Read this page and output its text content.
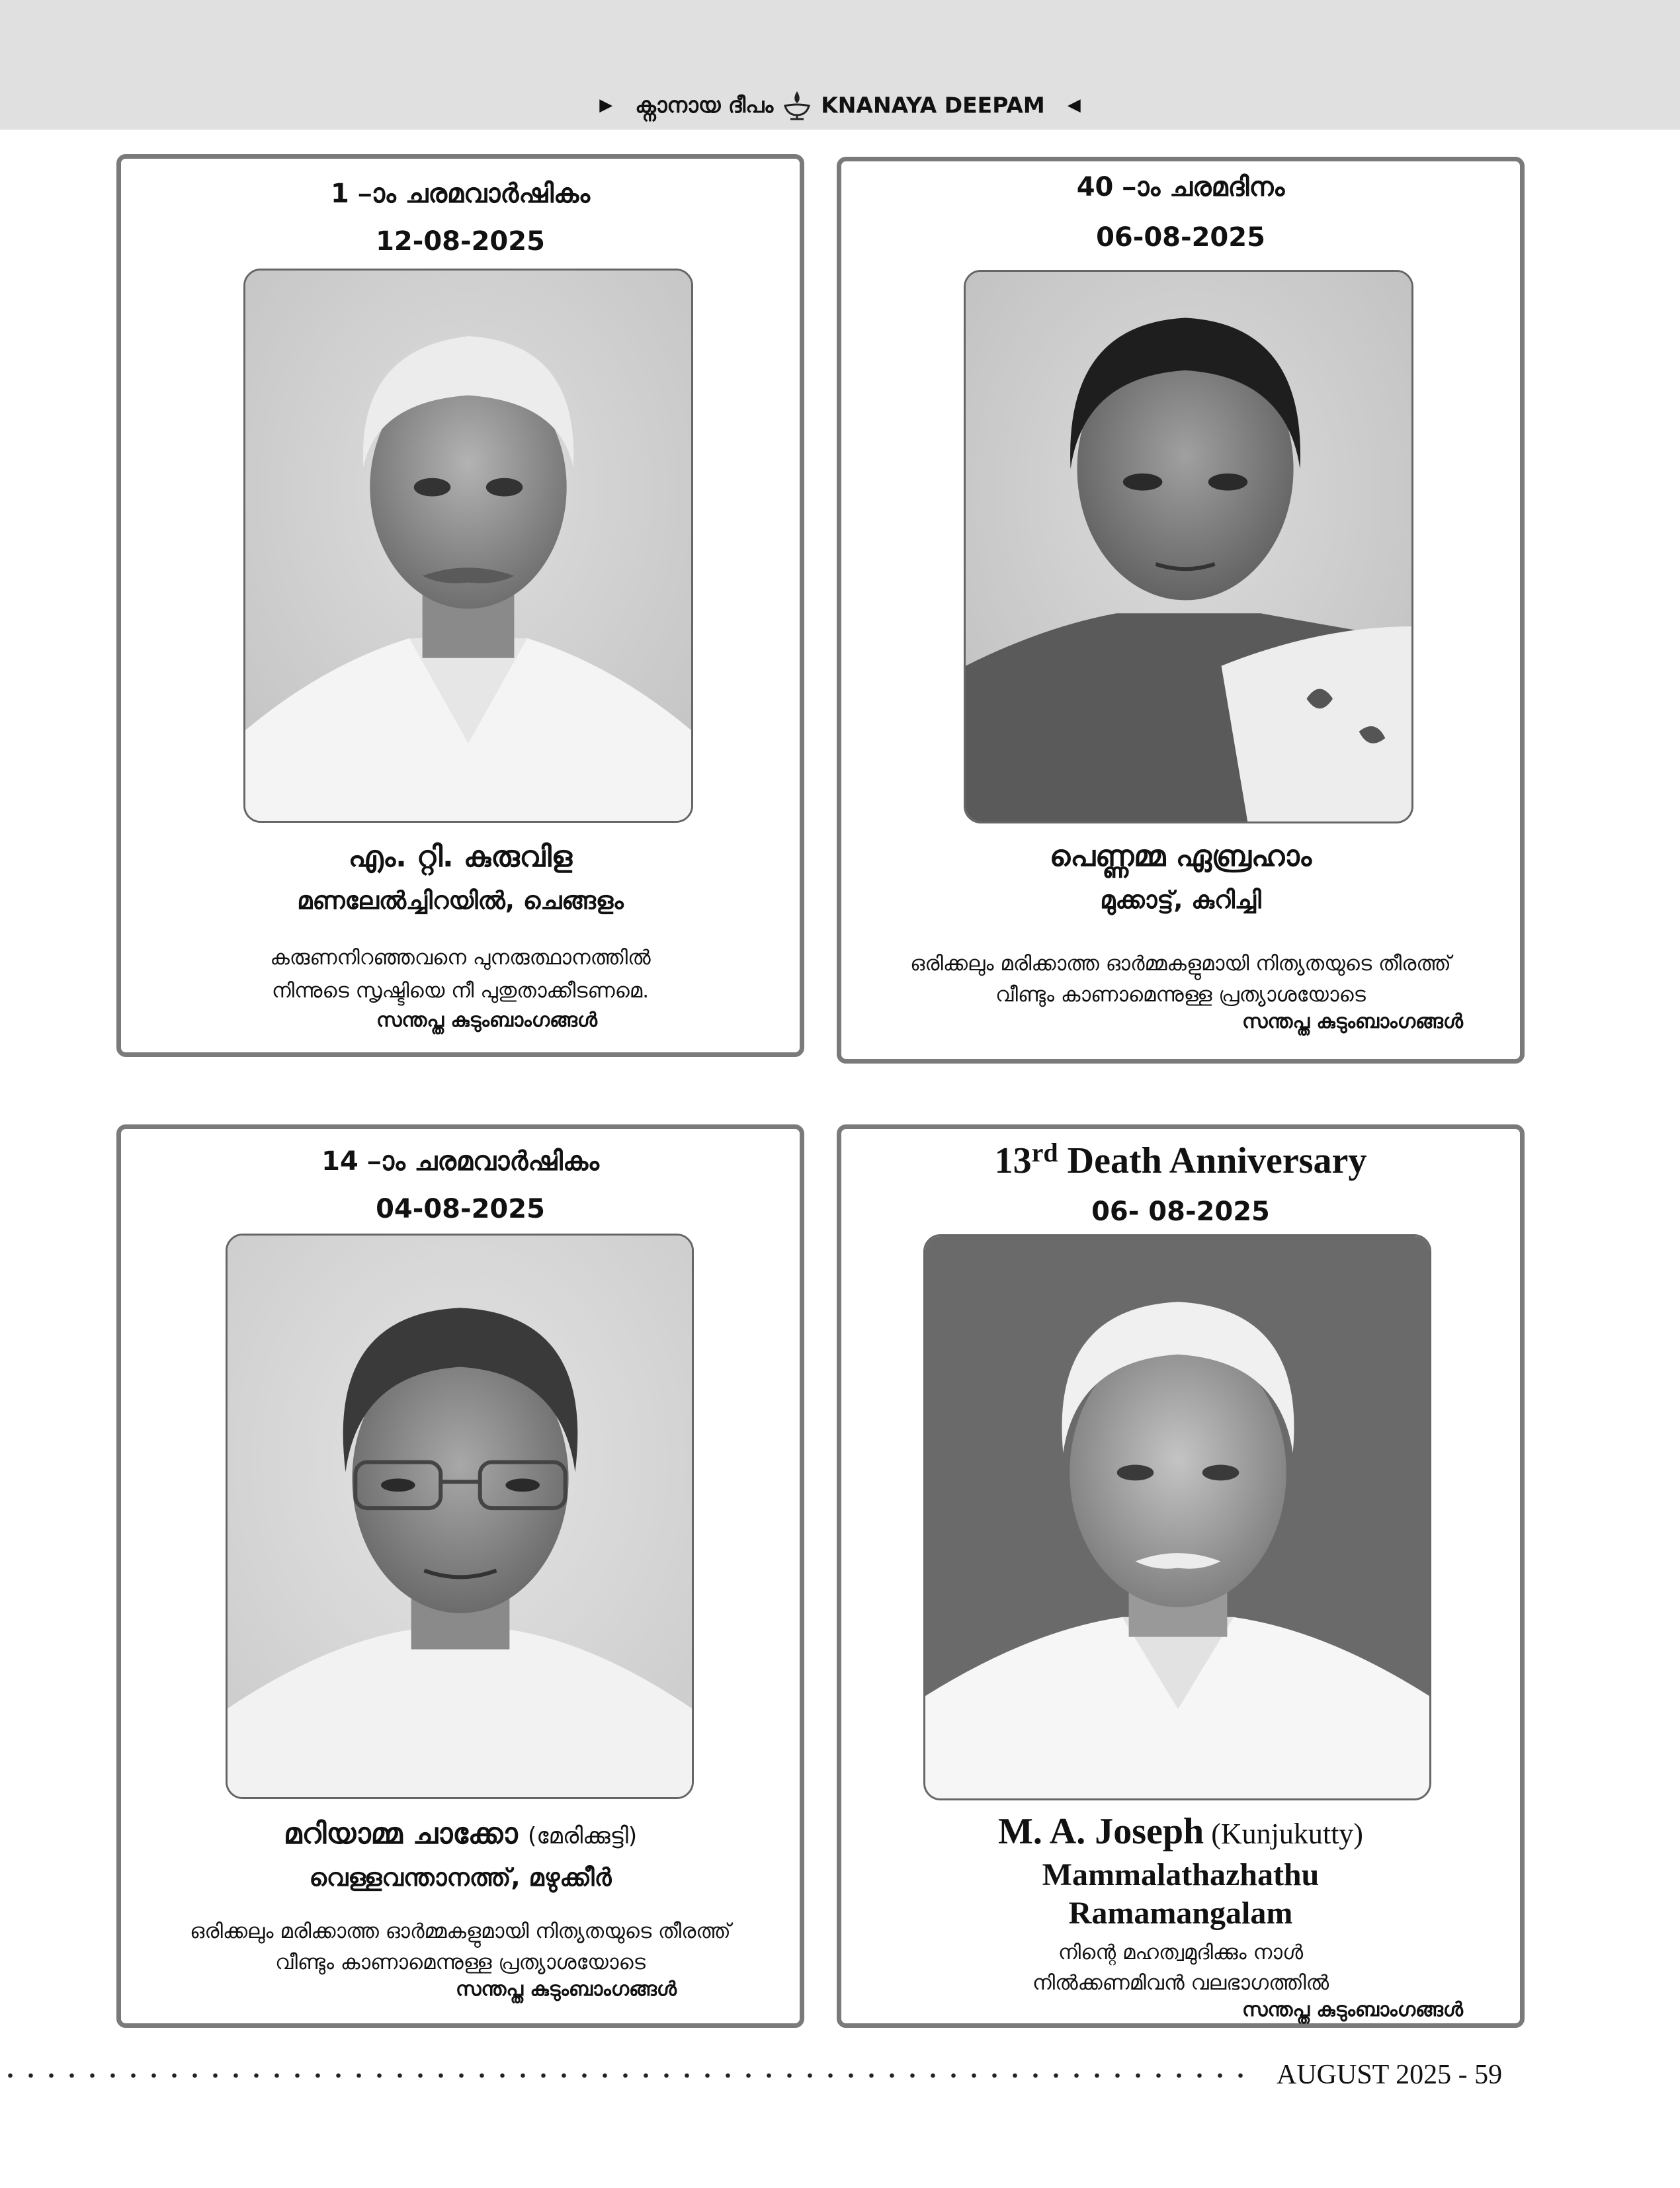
▶ ക്നാനായ ദീപം KNANAYA DEEPAM ◀
1 –ാം ചരമവാർഷികം
12-08-2025
എം. റ്റി. കുരുവിള
മണലേൽച്ചിറയിൽ, ചെങ്ങളം
കരുണനിറഞ്ഞവനെ പുനരുത്ഥാനത്തിൽ
നിന്നുടെ സൃഷ്ടിയെ നീ പുതുതാക്കീടണമെ.
സന്തപ്ത കുടുംബാംഗങ്ങൾ
40 –ാം ചരമദിനം
06-08-2025
പെണ്ണമ്മ ഏബ്രഹാം
മുക്കാട്ട്, കുറിച്ചി
ഒരിക്കലും മരിക്കാത്ത ഓർമ്മകളുമായി നിത്യതയുടെ തീരത്ത്
വീണ്ടും കാണാമെന്നുള്ള പ്രത്യാശയോടെ
സന്തപ്ത കുടുംബാംഗങ്ങൾ
14 –ാം ചരമവാർഷികം
04-08-2025
മറിയാമ്മ ചാക്കോ (മേരിക്കുട്ടി)
വെള്ളവന്താനത്ത്, മഴുക്കീർ
ഒരിക്കലും മരിക്കാത്ത ഓർമ്മകളുമായി നിത്യതയുടെ തീരത്ത്
വീണ്ടും കാണാമെന്നുള്ള പ്രത്യാശയോടെ
സന്തപ്ത കുടുംബാംഗങ്ങൾ
13rd Death Anniversary
06- 08-2025
M. A. Joseph (Kunjukutty)
Mammalathazhathu
Ramamangalam
നിന്റെ മഹത്വമുദിക്കും നാൾ
നിൽക്കണമിവൻ വലഭാഗത്തിൽ
സന്തപ്ത കുടുംബാംഗങ്ങൾ
AUGUST 2025 - 59
